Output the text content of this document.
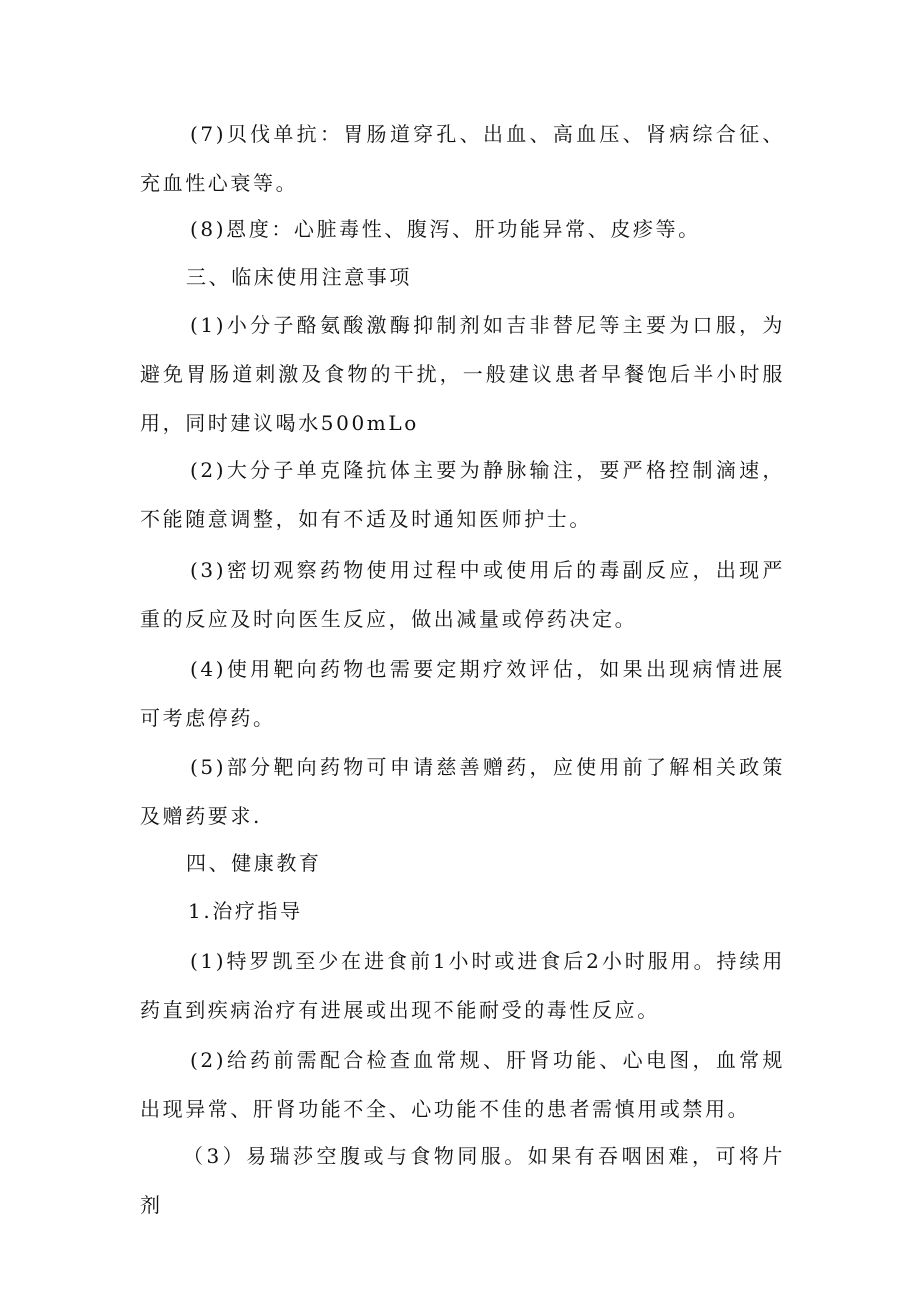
(7)贝伐单抗：胃肠道穿孔、出血、高血压、肾病综合征、充血性心衰等。

(8)恩度：心脏毒性、腹泻、肝功能异常、皮疹等。

三、临床使用注意事项

(1)小分子酪氨酸激酶抑制剂如吉非替尼等主要为口服，为避免胃肠道刺激及食物的干扰，一般建议患者早餐饱后半小时服用，同时建议喝水500mLo

(2)大分子单克隆抗体主要为静脉输注，要严格控制滴速，不能随意调整，如有不适及时通知医师护士。

(3)密切观察药物使用过程中或使用后的毒副反应，出现严重的反应及时向医生反应，做出减量或停药决定。

(4)使用靶向药物也需要定期疗效评估，如果出现病情进展可考虑停药。

(5)部分靶向药物可申请慈善赠药，应使用前了解相关政策及赠药要求.

四、健康教育

1.治疗指导

(1)特罗凯至少在进食前1小时或进食后2小时服用。持续用药直到疾病治疗有进展或出现不能耐受的毒性反应。

(2)给药前需配合检查血常规、肝肾功能、心电图，血常规出现异常、肝肾功能不全、心功能不佳的患者需慎用或禁用。

（3）易瑞莎空腹或与食物同服。如果有吞咽困难，可将片剂
